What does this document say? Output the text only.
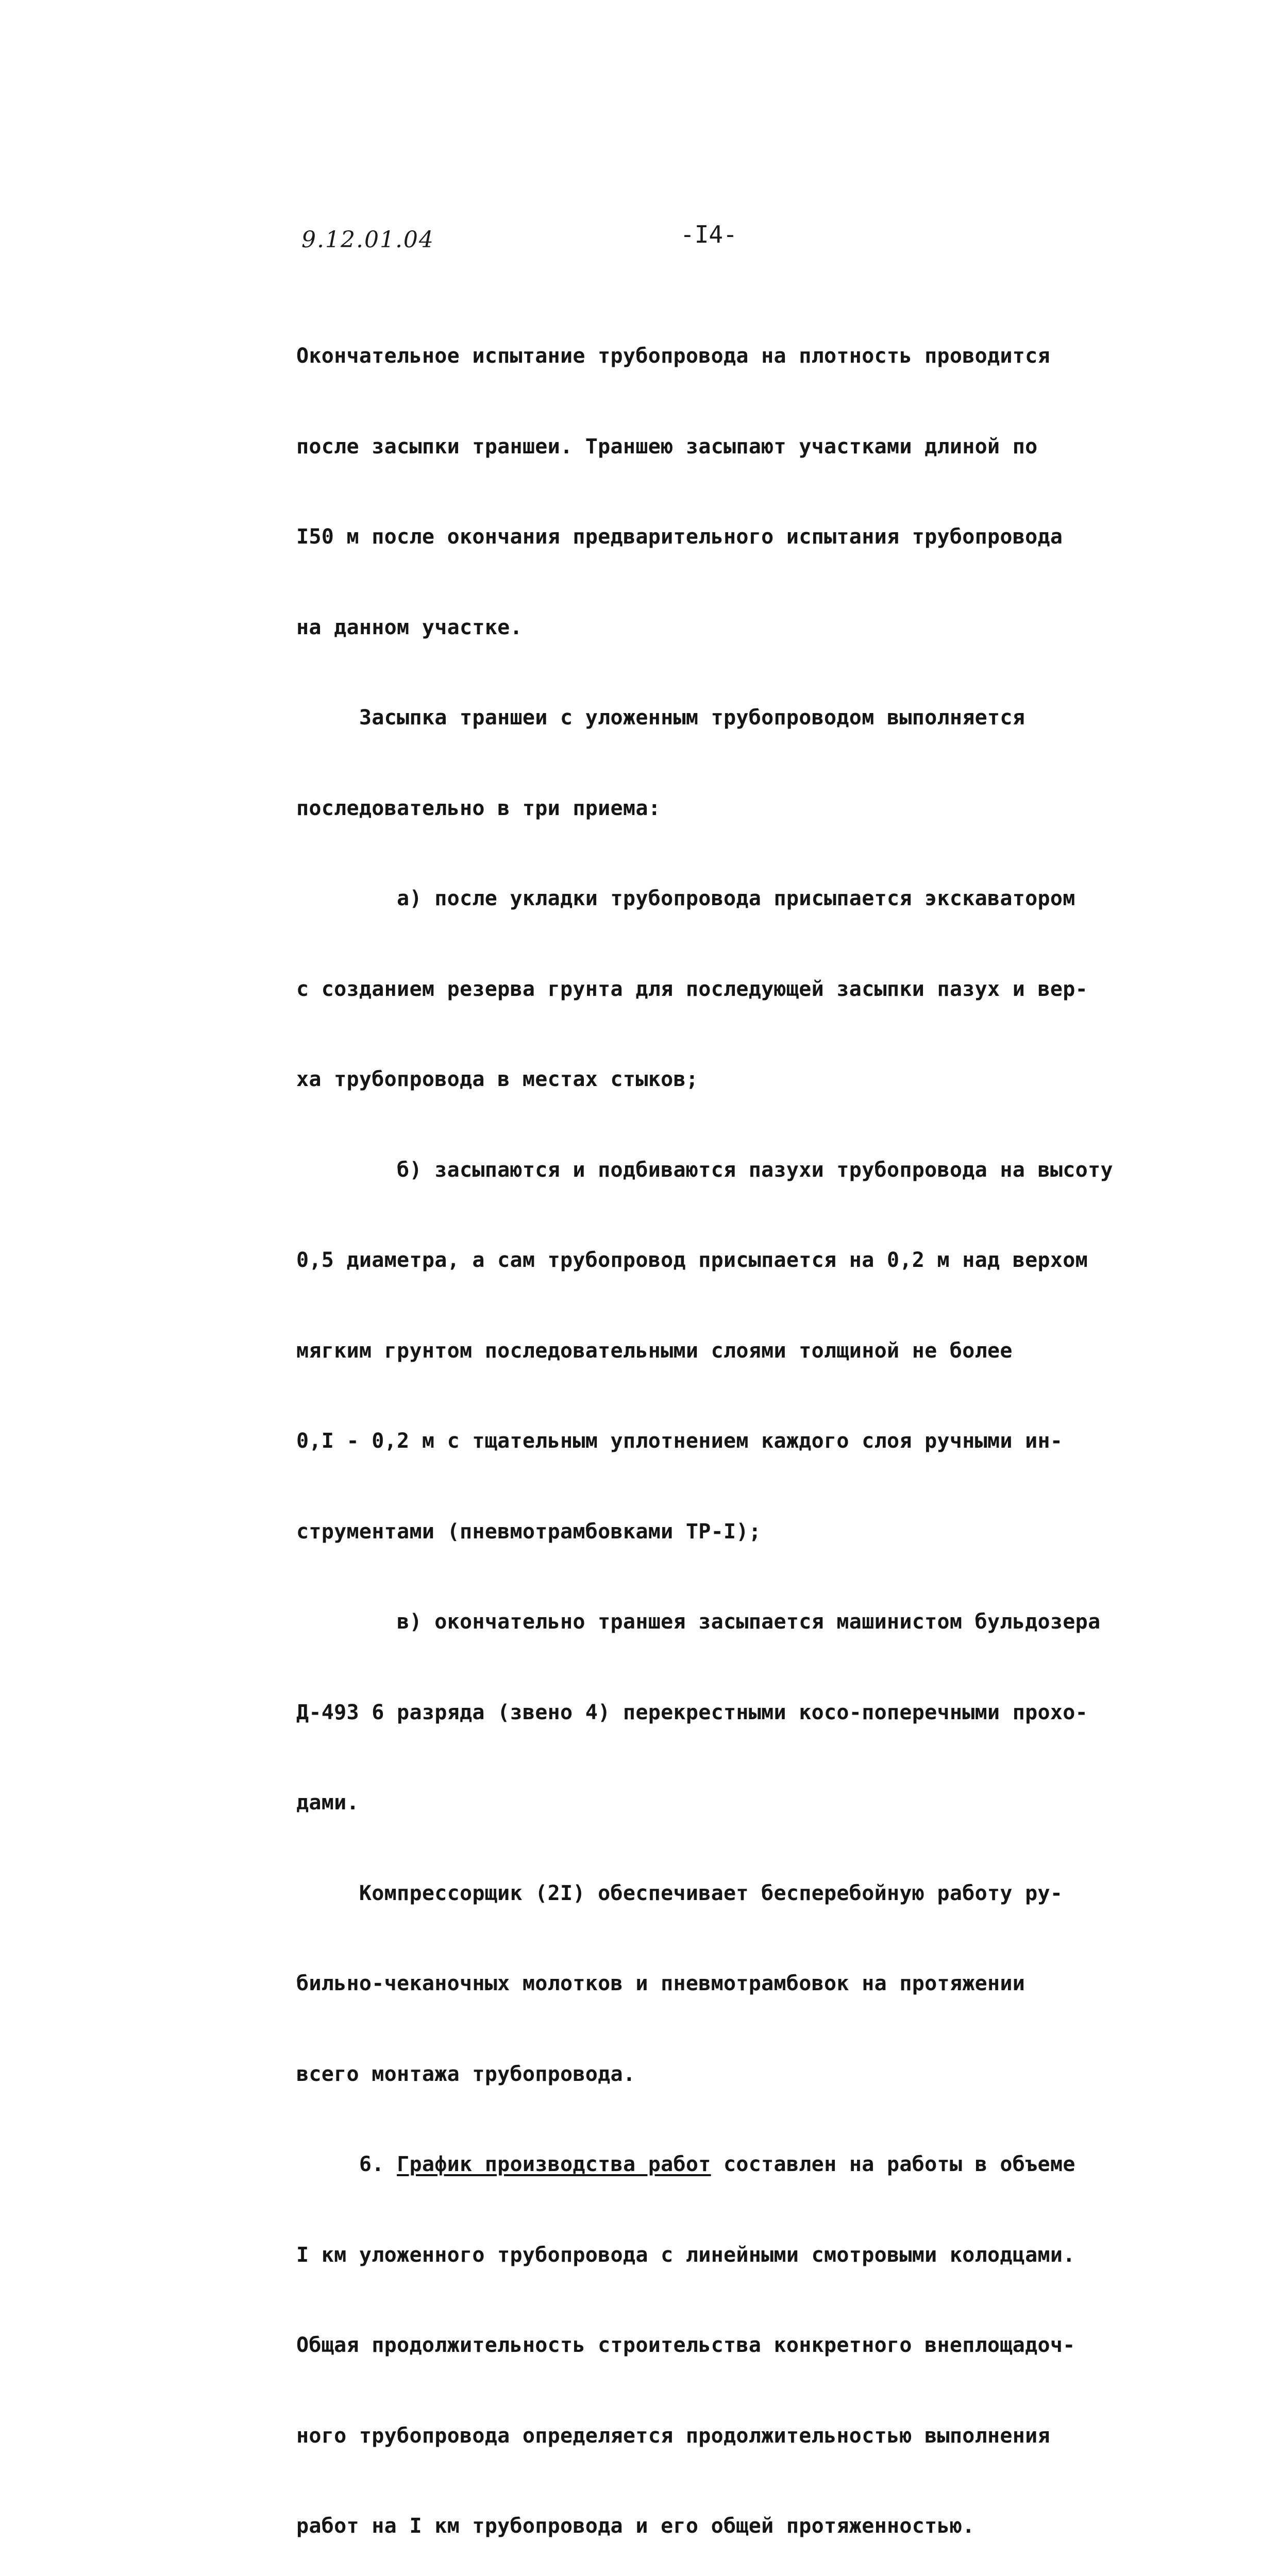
9.12.01.04	-I4-

Окончательное испытание трубопровода на плотность проводится

после засыпки траншеи. Траншею засыпают участками длиной по

I50 м после окончания предварительного испытания трубопровода

на данном участке.

Засыпка траншеи с уложенным трубопроводом выполняется

последовательно в три приема:

а) после укладки трубопровода присыпается экскаватором

с созданием резерва грунта для последующей засыпки пазух и вер-

ха трубопровода в местах стыков;

б) засыпаются и подбиваются пазухи трубопровода на высоту

0,5 диаметра, а сам трубопровод присыпается на 0,2 м над верхом

мягким грунтом последовательными слоями толщиной не более

0,I - 0,2 м с тщательным уплотнением каждого слоя ручными ин-

струментами (пневмотрамбовками ТР-I);

в) окончательно траншея засыпается машинистом бульдозера

Д-493 6 разряда (звено 4) перекрестными косо-поперечными прохо-

дами.

Компрессорщик (2I) обеспечивает бесперебойную работу ру-

бильно-чеканочных молотков и пневмотрамбовок на протяжении

всего монтажа трубопровода.

6. График производства работ составлен на работы в объеме

I км уложенного трубопровода с линейными смотровыми колодцами.

Общая продолжительность строительства конкретного внеплощадоч-

ного трубопровода определяется продолжительностью выполнения

работ на I км трубопровода и его общей протяженностью.
